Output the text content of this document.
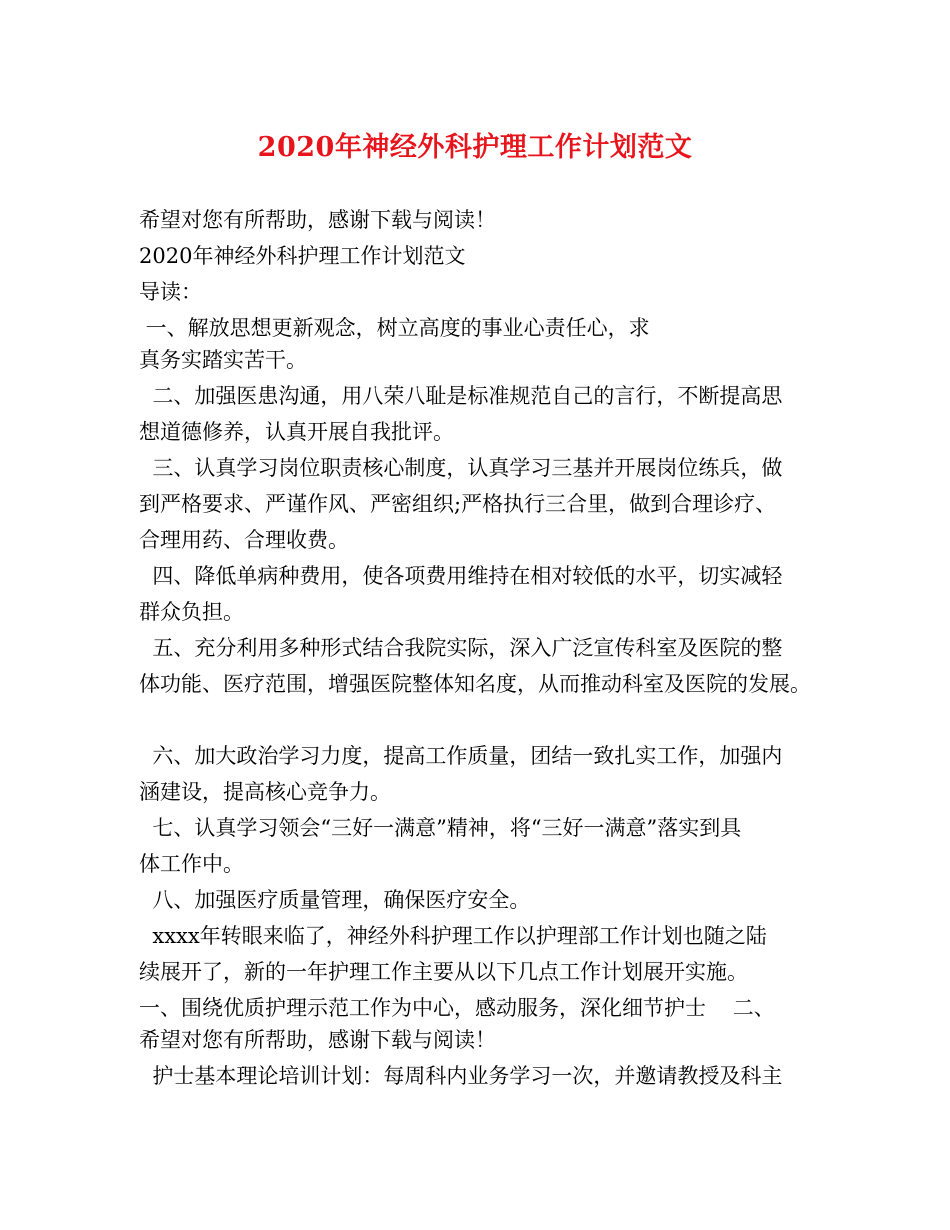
2020年神经外科护理工作计划范文
希望对您有所帮助，感谢下载与阅读！
2020年神经外科护理工作计划范文
导读：
一、解放思想更新观念，树立高度的事业心责任心，求
真务实踏实苦干。
二、加强医患沟通，用八荣八耻是标准规范自己的言行，不断提高思
想道德修养，认真开展自我批评。
三、认真学习岗位职责核心制度，认真学习三基并开展岗位练兵，做
到严格要求、严谨作风、严密组织;严格执行三合里，做到合理诊疗、
合理用药、合理收费。
四、降低单病种费用，使各项费用维持在相对较低的水平，切实减轻
群众负担。
五、充分利用多种形式结合我院实际，深入广泛宣传科室及医院的整
体功能、医疗范围，增强医院整体知名度，从而推动科室及医院的发展。
六、加大政治学习力度，提高工作质量，团结一致扎实工作，加强内
涵建设，提高核心竞争力。
七、认真学习领会“三好一满意”精神，将“三好一满意”落实到具
体工作中。
八、加强医疗质量管理，确保医疗安全。
xxxx年转眼来临了，神经外科护理工作以护理部工作计划也随之陆
续展开了，新的一年护理工作主要从以下几点工作计划展开实施。
一、围绕优质护理示范工作为中心，感动服务，深化细节护士    二、
希望对您有所帮助，感谢下载与阅读！
护士基本理论培训计划：每周科内业务学习一次，并邀请教授及科主
